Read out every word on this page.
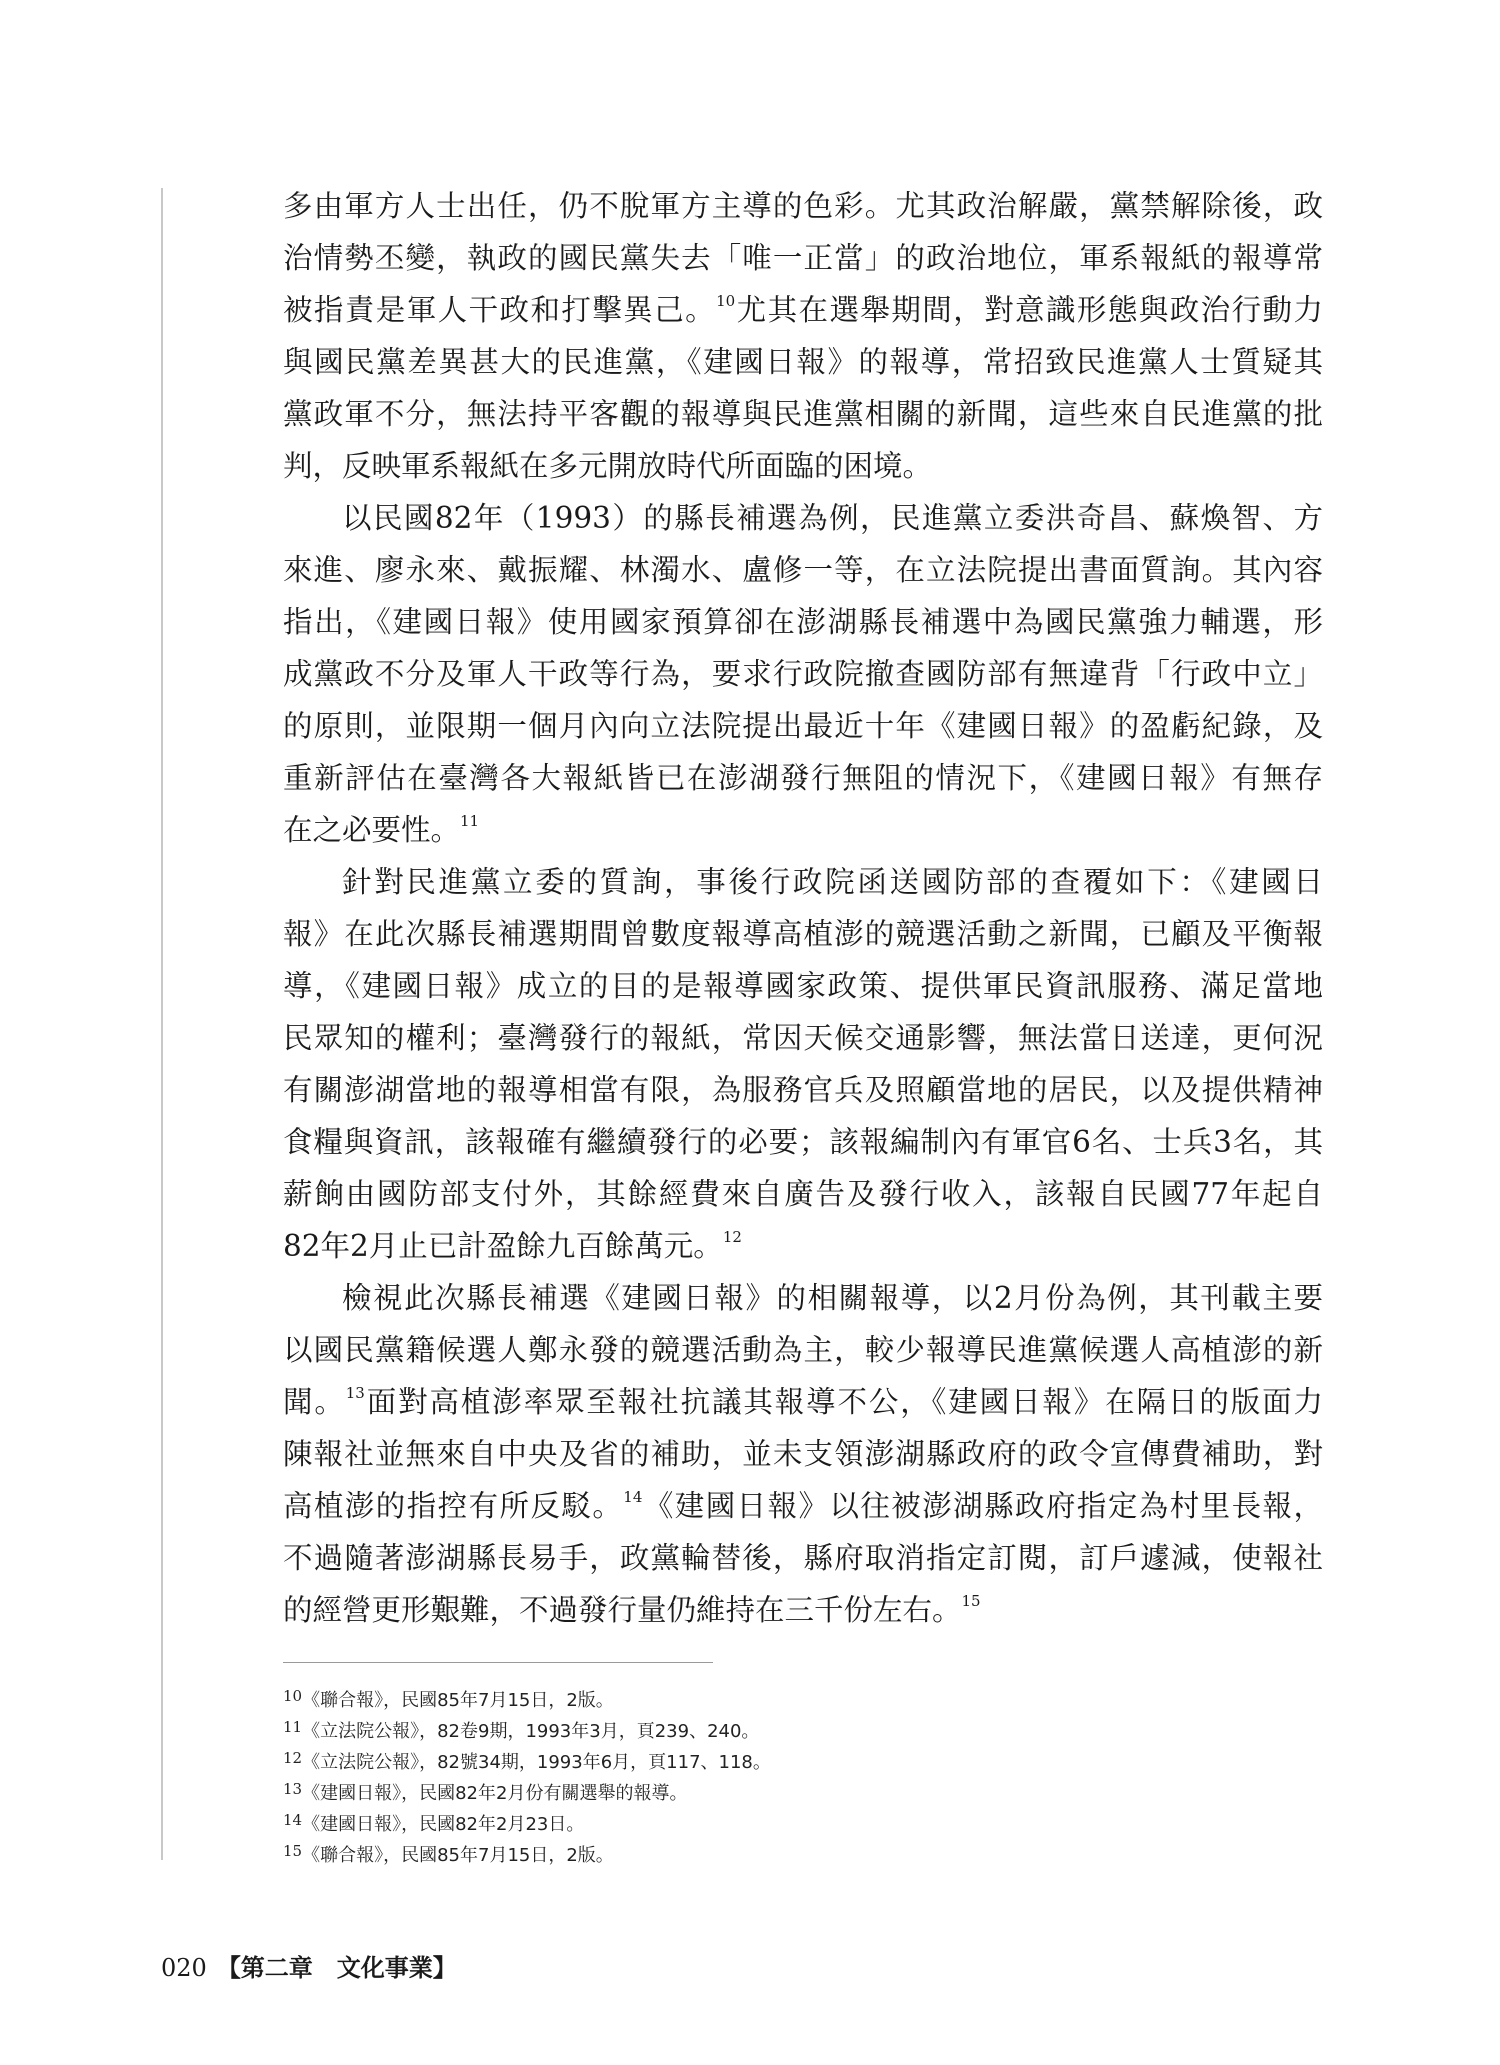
多由軍方人士出任，仍不脫軍方主導的色彩。尤其政治解嚴，黨禁解除後，政
治情勢丕變，執政的國民黨失去「唯一正當」的政治地位，軍系報紙的報導常
被指責是軍人干政和打擊異己。$^{10}$尤其在選舉期間，對意識形態與政治行動力
與國民黨差異甚大的民進黨，《建國日報》的報導，常招致民進黨人士質疑其
黨政軍不分，無法持平客觀的報導與民進黨相關的新聞，這些來自民進黨的批
判，反映軍系報紙在多元開放時代所面臨的困境。
以民國82年（1993）的縣長補選為例，民進黨立委洪奇昌、蘇煥智、方
來進、廖永來、戴振耀、林濁水、盧修一等，在立法院提出書面質詢。其內容
指出，《建國日報》使用國家預算卻在澎湖縣長補選中為國民黨強力輔選，形
成黨政不分及軍人干政等行為，要求行政院撤查國防部有無違背「行政中立」
的原則，並限期一個月內向立法院提出最近十年《建國日報》的盈虧紀錄，及
重新評估在臺灣各大報紙皆已在澎湖發行無阻的情況下，《建國日報》有無存
在之必要性。$^{11}$
針對民進黨立委的質詢，事後行政院函送國防部的查覆如下：《建國日
報》在此次縣長補選期間曾數度報導高植澎的競選活動之新聞，已顧及平衡報
導，《建國日報》成立的目的是報導國家政策、提供軍民資訊服務、滿足當地
民眾知的權利；臺灣發行的報紙，常因天候交通影響，無法當日送達，更何況
有關澎湖當地的報導相當有限，為服務官兵及照顧當地的居民，以及提供精神
食糧與資訊，該報確有繼續發行的必要；該報編制內有軍官6名、士兵3名，其
薪餉由國防部支付外，其餘經費來自廣告及發行收入，該報自民國77年起自
82年2月止已計盈餘九百餘萬元。$^{12}$
檢視此次縣長補選《建國日報》的相關報導，以2月份為例，其刊載主要
以國民黨籍候選人鄭永發的競選活動為主，較少報導民進黨候選人高植澎的新
聞。$^{13}$面對高植澎率眾至報社抗議其報導不公，《建國日報》在隔日的版面力
陳報社並無來自中央及省的補助，並未支領澎湖縣政府的政令宣傳費補助，對
高植澎的指控有所反駁。$^{14}$《建國日報》以往被澎湖縣政府指定為村里長報，
不過隨著澎湖縣長易手，政黨輪替後，縣府取消指定訂閱，訂戶遽減，使報社
的經營更形艱難，不過發行量仍維持在三千份左右。$^{15}$
$^{10}$《聯合報》，民國85年7月15日，2版。
$^{11}$《立法院公報》，82卷9期，1993年3月，頁239、240。
$^{12}$《立法院公報》，82號34期，1993年6月，頁117、118。
$^{13}$《建國日報》，民國82年2月份有關選舉的報導。
$^{14}$《建國日報》，民國82年2月23日。
$^{15}$《聯合報》，民國85年7月15日，2版。
020 【第二章　文化事業】
